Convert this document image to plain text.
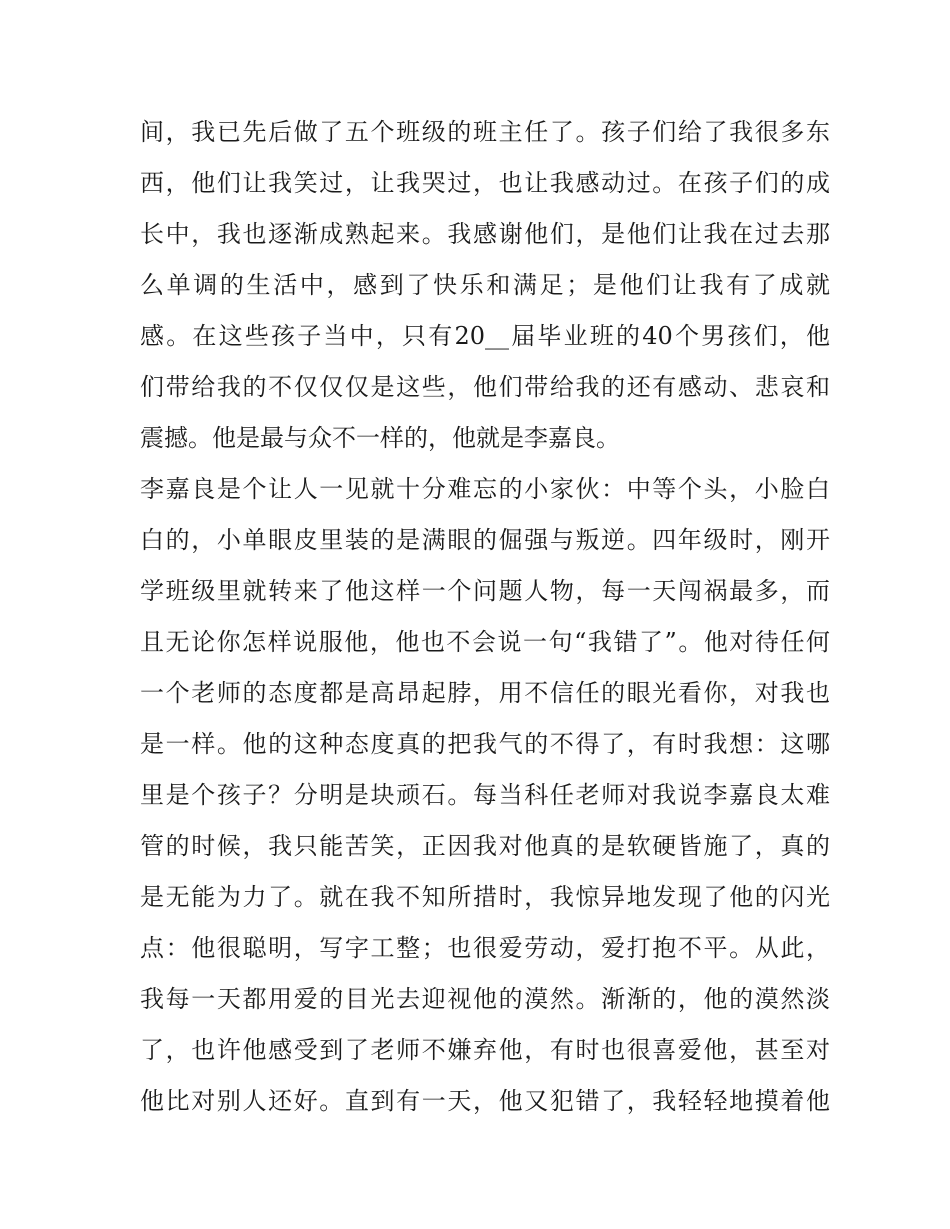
间，我已先后做了五个班级的班主任了。孩子们给了我很多东
西，他们让我笑过，让我哭过，也让我感动过。在孩子们的成
长中，我也逐渐成熟起来。我感谢他们，是他们让我在过去那
么单调的生活中，感到了快乐和满足；是他们让我有了成就
感。在这些孩子当中，只有20__届毕业班的40个男孩们，他
们带给我的不仅仅仅是这些，他们带给我的还有感动、悲哀和
震撼。他是最与众不一样的，他就是李嘉良。
李嘉良是个让人一见就十分难忘的小家伙：中等个头，小脸白
白的，小单眼皮里装的是满眼的倔强与叛逆。四年级时，刚开
学班级里就转来了他这样一个问题人物，每一天闯祸最多，而
且无论你怎样说服他，他也不会说一句“我错了”。他对待任何
一个老师的态度都是高昂起脖，用不信任的眼光看你，对我也
是一样。他的这种态度真的把我气的不得了，有时我想：这哪
里是个孩子？分明是块顽石。每当科任老师对我说李嘉良太难
管的时候，我只能苦笑，正因我对他真的是软硬皆施了，真的
是无能为力了。就在我不知所措时，我惊异地发现了他的闪光
点：他很聪明，写字工整；也很爱劳动，爱打抱不平。从此，
我每一天都用爱的目光去迎视他的漠然。渐渐的，他的漠然淡
了，也许他感受到了老师不嫌弃他，有时也很喜爱他，甚至对
他比对别人还好。直到有一天，他又犯错了，我轻轻地摸着他
